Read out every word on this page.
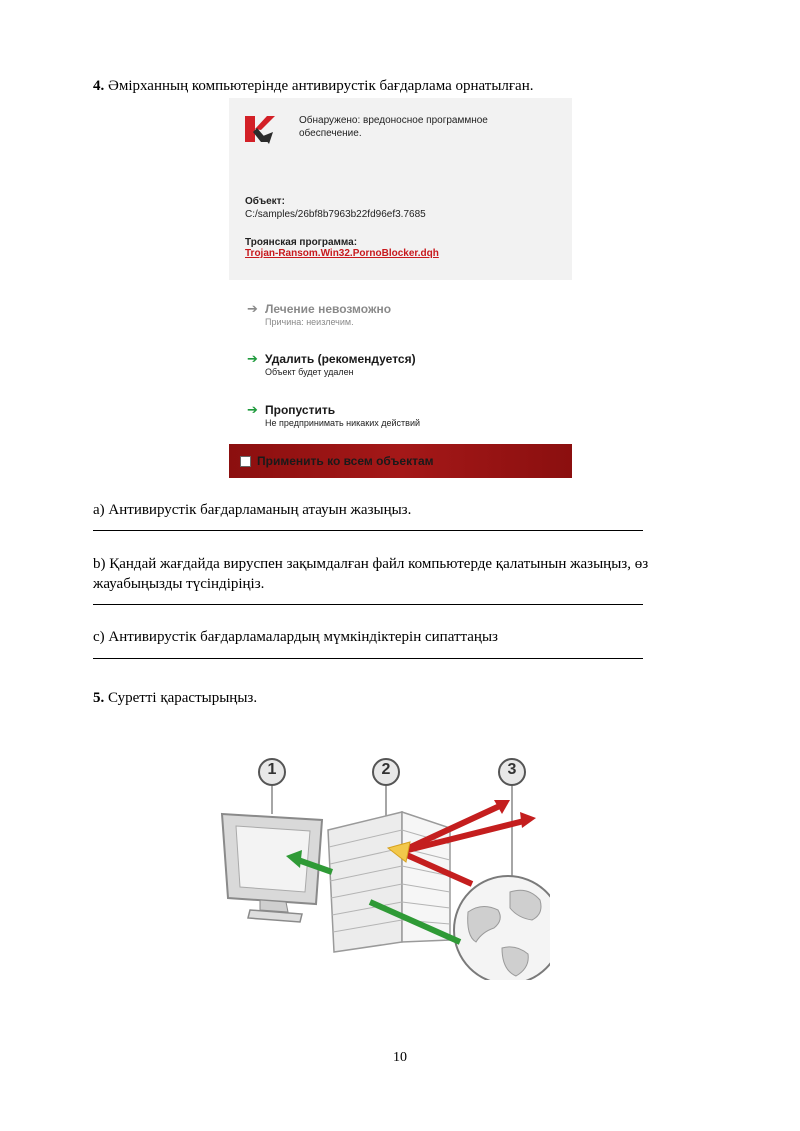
4. Әмірханның компьютерінде антивирустік бағдарлама орнатылған.
Обнаружено: вредоносное программное обеспечение.
Объект:
C:/samples/26bf8b7963b22fd96ef3.7685
Троянская программа:
Trojan-Ransom.Win32.PornoBlocker.dqh
➔ Лечение невозможно
Причина: неизлечим.
➔ Удалить (рекомендуется)
Объект будет удален
➔ Пропустить
Не предпринимать никаких действий
Применить ко всем объектам
а) Антивирустік бағдарламаның атауын жазыңыз.
b) Қандай жағдайда вируспен зақымдалған файл компьютерде қалатынын жазыңыз, өз
жауабыңызды түсіндіріңіз.
с) Антивирустік бағдарламалардың мүмкіндіктерін сипаттаңыз
5. Суретті қарастырыңыз.
1	2	3
10
